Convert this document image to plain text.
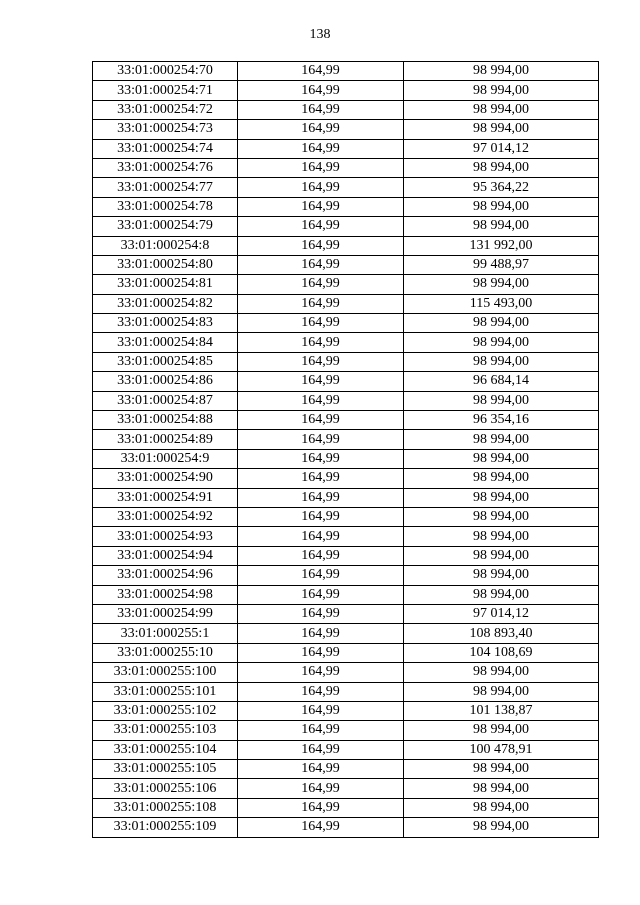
138
33:01:000254:70	164,99	98 994,00
33:01:000254:71	164,99	98 994,00
33:01:000254:72	164,99	98 994,00
33:01:000254:73	164,99	98 994,00
33:01:000254:74	164,99	97 014,12
33:01:000254:76	164,99	98 994,00
33:01:000254:77	164,99	95 364,22
33:01:000254:78	164,99	98 994,00
33:01:000254:79	164,99	98 994,00
33:01:000254:8	164,99	131 992,00
33:01:000254:80	164,99	99 488,97
33:01:000254:81	164,99	98 994,00
33:01:000254:82	164,99	115 493,00
33:01:000254:83	164,99	98 994,00
33:01:000254:84	164,99	98 994,00
33:01:000254:85	164,99	98 994,00
33:01:000254:86	164,99	96 684,14
33:01:000254:87	164,99	98 994,00
33:01:000254:88	164,99	96 354,16
33:01:000254:89	164,99	98 994,00
33:01:000254:9	164,99	98 994,00
33:01:000254:90	164,99	98 994,00
33:01:000254:91	164,99	98 994,00
33:01:000254:92	164,99	98 994,00
33:01:000254:93	164,99	98 994,00
33:01:000254:94	164,99	98 994,00
33:01:000254:96	164,99	98 994,00
33:01:000254:98	164,99	98 994,00
33:01:000254:99	164,99	97 014,12
33:01:000255:1	164,99	108 893,40
33:01:000255:10	164,99	104 108,69
33:01:000255:100	164,99	98 994,00
33:01:000255:101	164,99	98 994,00
33:01:000255:102	164,99	101 138,87
33:01:000255:103	164,99	98 994,00
33:01:000255:104	164,99	100 478,91
33:01:000255:105	164,99	98 994,00
33:01:000255:106	164,99	98 994,00
33:01:000255:108	164,99	98 994,00
33:01:000255:109	164,99	98 994,00
